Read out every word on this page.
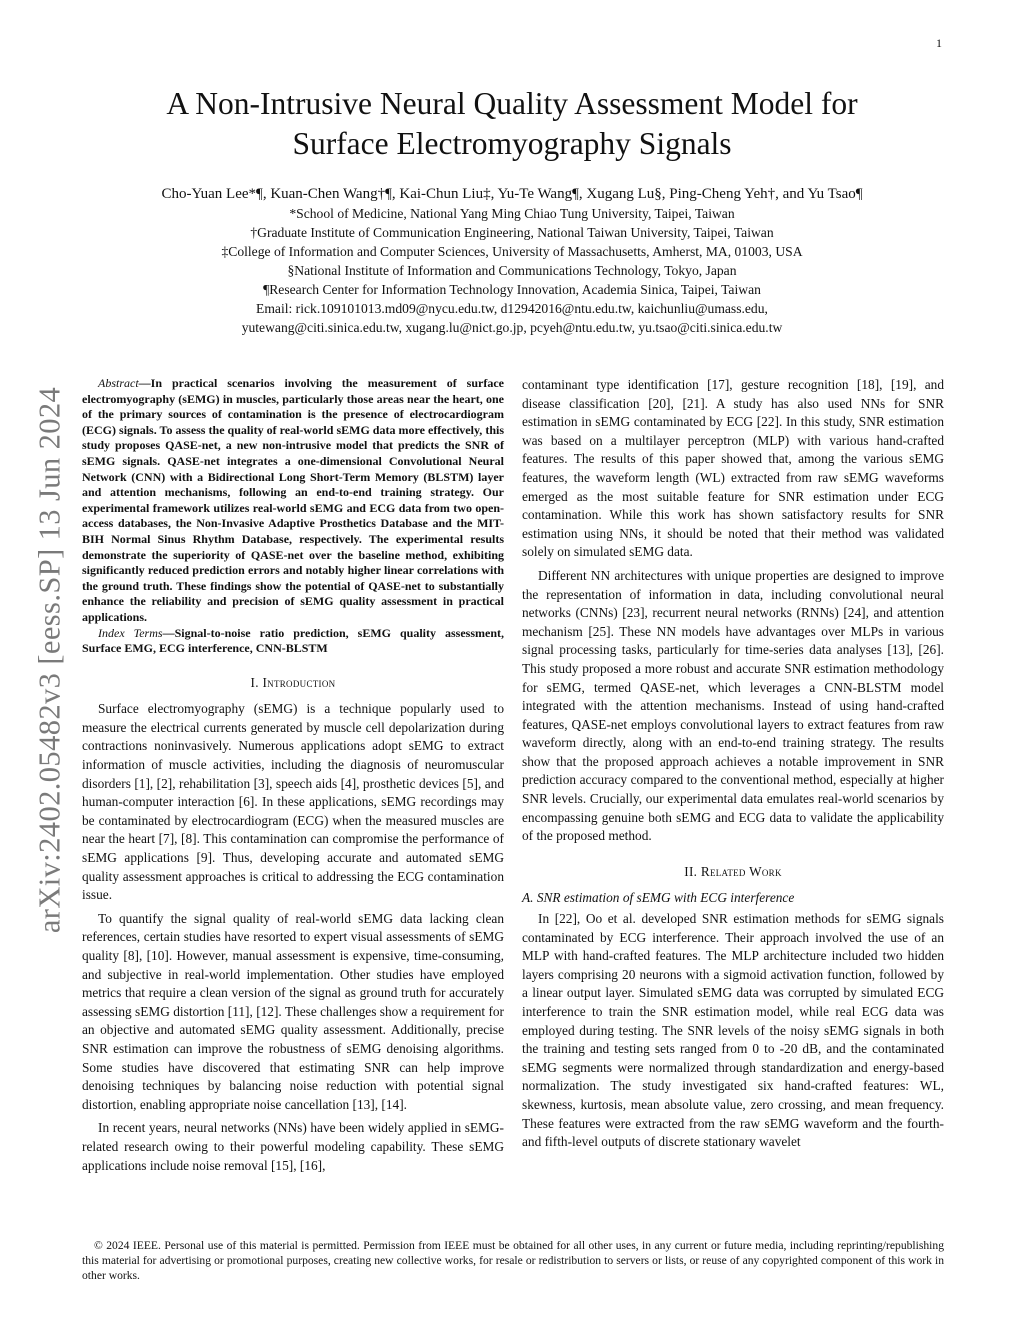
1
arXiv:2402.05482v3 [eess.SP] 13 Jun 2024
A Non-Intrusive Neural Quality Assessment Model for
Surface Electromyography Signals
Cho-Yuan Lee*¶, Kuan-Chen Wang†¶, Kai-Chun Liu‡, Yu-Te Wang¶, Xugang Lu§, Ping-Cheng Yeh†, and Yu Tsao¶
*School of Medicine, National Yang Ming Chiao Tung University, Taipei, Taiwan
†Graduate Institute of Communication Engineering, National Taiwan University, Taipei, Taiwan
‡College of Information and Computer Sciences, University of Massachusetts, Amherst, MA, 01003, USA
§National Institute of Information and Communications Technology, Tokyo, Japan
¶Research Center for Information Technology Innovation, Academia Sinica, Taipei, Taiwan
Email: rick.109101013.md09@nycu.edu.tw, d12942016@ntu.edu.tw, kaichunliu@umass.edu,
yutewang@citi.sinica.edu.tw, xugang.lu@nict.go.jp, pcyeh@ntu.edu.tw, yu.tsao@citi.sinica.edu.tw

Abstract—In practical scenarios involving the measurement of surface electromyography (sEMG) in muscles, particularly those areas near the heart, one of the primary sources of contamination is the presence of electrocardiogram (ECG) signals. To assess the quality of real-world sEMG data more effectively, this study proposes QASE-net, a new non-intrusive model that predicts the SNR of sEMG signals. QASE-net integrates a one-dimensional Convolutional Neural Network (CNN) with a Bidirectional Long Short-Term Memory (BLSTM) layer and attention mechanisms, following an end-to-end training strategy. Our experimental framework utilizes real-world sEMG and ECG data from two open-access databases, the Non-Invasive Adaptive Prosthetics Database and the MIT-BIH Normal Sinus Rhythm Database, respectively. The experimental results demonstrate the superiority of QASE-net over the baseline method, exhibiting significantly reduced prediction errors and notably higher linear correlations with the ground truth. These findings show the potential of QASE-net to substantially enhance the reliability and precision of sEMG quality assessment in practical applications.

Index Terms—Signal-to-noise ratio prediction, sEMG quality assessment, Surface EMG, ECG interference, CNN-BLSTM

I. Introduction

Surface electromyography (sEMG) is a technique popularly used to measure the electrical currents generated by muscle cell depolarization during contractions noninvasively. Numerous applications adopt sEMG to extract information of muscle activities, including the diagnosis of neuromuscular disorders [1], [2], rehabilitation [3], speech aids [4], prosthetic devices [5], and human-computer interaction [6]. In these applications, sEMG recordings may be contaminated by electrocardiogram (ECG) when the measured muscles are near the heart [7], [8]. This contamination can compromise the performance of sEMG applications [9]. Thus, developing accurate and automated sEMG quality assessment approaches is critical to addressing the ECG contamination issue.

To quantify the signal quality of real-world sEMG data lacking clean references, certain studies have resorted to expert visual assessments of sEMG quality [8], [10]. However, manual assessment is expensive, time-consuming, and subjective in real-world implementation. Other studies have employed metrics that require a clean version of the signal as ground truth for accurately assessing sEMG distortion [11], [12]. These challenges show a requirement for an objective and automated sEMG quality assessment. Additionally, precise SNR estimation can improve the robustness of sEMG denoising algorithms. Some studies have discovered that estimating SNR can help improve denoising techniques by balancing noise reduction with potential signal distortion, enabling appropriate noise cancellation [13], [14].

In recent years, neural networks (NNs) have been widely applied in sEMG-related research owing to their powerful modeling capability. These sEMG applications include noise removal [15], [16],

contaminant type identification [17], gesture recognition [18], [19], and disease classification [20], [21]. A study has also used NNs for SNR estimation in sEMG contaminated by ECG [22]. In this study, SNR estimation was based on a multilayer perceptron (MLP) with various hand-crafted features. The results of this paper showed that, among the various sEMG features, the waveform length (WL) extracted from raw sEMG waveforms emerged as the most suitable feature for SNR estimation under ECG contamination. While this work has shown satisfactory results for SNR estimation using NNs, it should be noted that their method was validated solely on simulated sEMG data.

Different NN architectures with unique properties are designed to improve the representation of information in data, including convolutional neural networks (CNNs) [23], recurrent neural networks (RNNs) [24], and attention mechanism [25]. These NN models have advantages over MLPs in various signal processing tasks, particularly for time-series data analyses [13], [26]. This study proposed a more robust and accurate SNR estimation methodology for sEMG, termed QASE-net, which leverages a CNN-BLSTM model integrated with the attention mechanisms. Instead of using hand-crafted features, QASE-net employs convolutional layers to extract features from raw waveform directly, along with an end-to-end training strategy. The results show that the proposed approach achieves a notable improvement in SNR prediction accuracy compared to the conventional method, especially at higher SNR levels. Crucially, our experimental data emulates real-world scenarios by encompassing genuine both sEMG and ECG data to validate the applicability of the proposed method.

II. Related Work

A. SNR estimation of sEMG with ECG interference

In [22], Oo et al. developed SNR estimation methods for sEMG signals contaminated by ECG interference. Their approach involved the use of an MLP with hand-crafted features. The MLP architecture included two hidden layers comprising 20 neurons with a sigmoid activation function, followed by a linear output layer. Simulated sEMG data was corrupted by simulated ECG interference to train the SNR estimation model, while real ECG data was employed during testing. The SNR levels of the noisy sEMG signals in both the training and testing sets ranged from 0 to -20 dB, and the contaminated sEMG segments were normalized through standardization and energy-based normalization. The study investigated six hand-crafted features: WL, skewness, kurtosis, mean absolute value, zero crossing, and mean frequency. These features were extracted from the raw sEMG waveform and the fourth- and fifth-level outputs of discrete stationary wavelet

© 2024 IEEE. Personal use of this material is permitted. Permission from IEEE must be obtained for all other uses, in any current or future media, including reprinting/republishing this material for advertising or promotional purposes, creating new collective works, for resale or redistribution to servers or lists, or reuse of any copyrighted component of this work in other works.
